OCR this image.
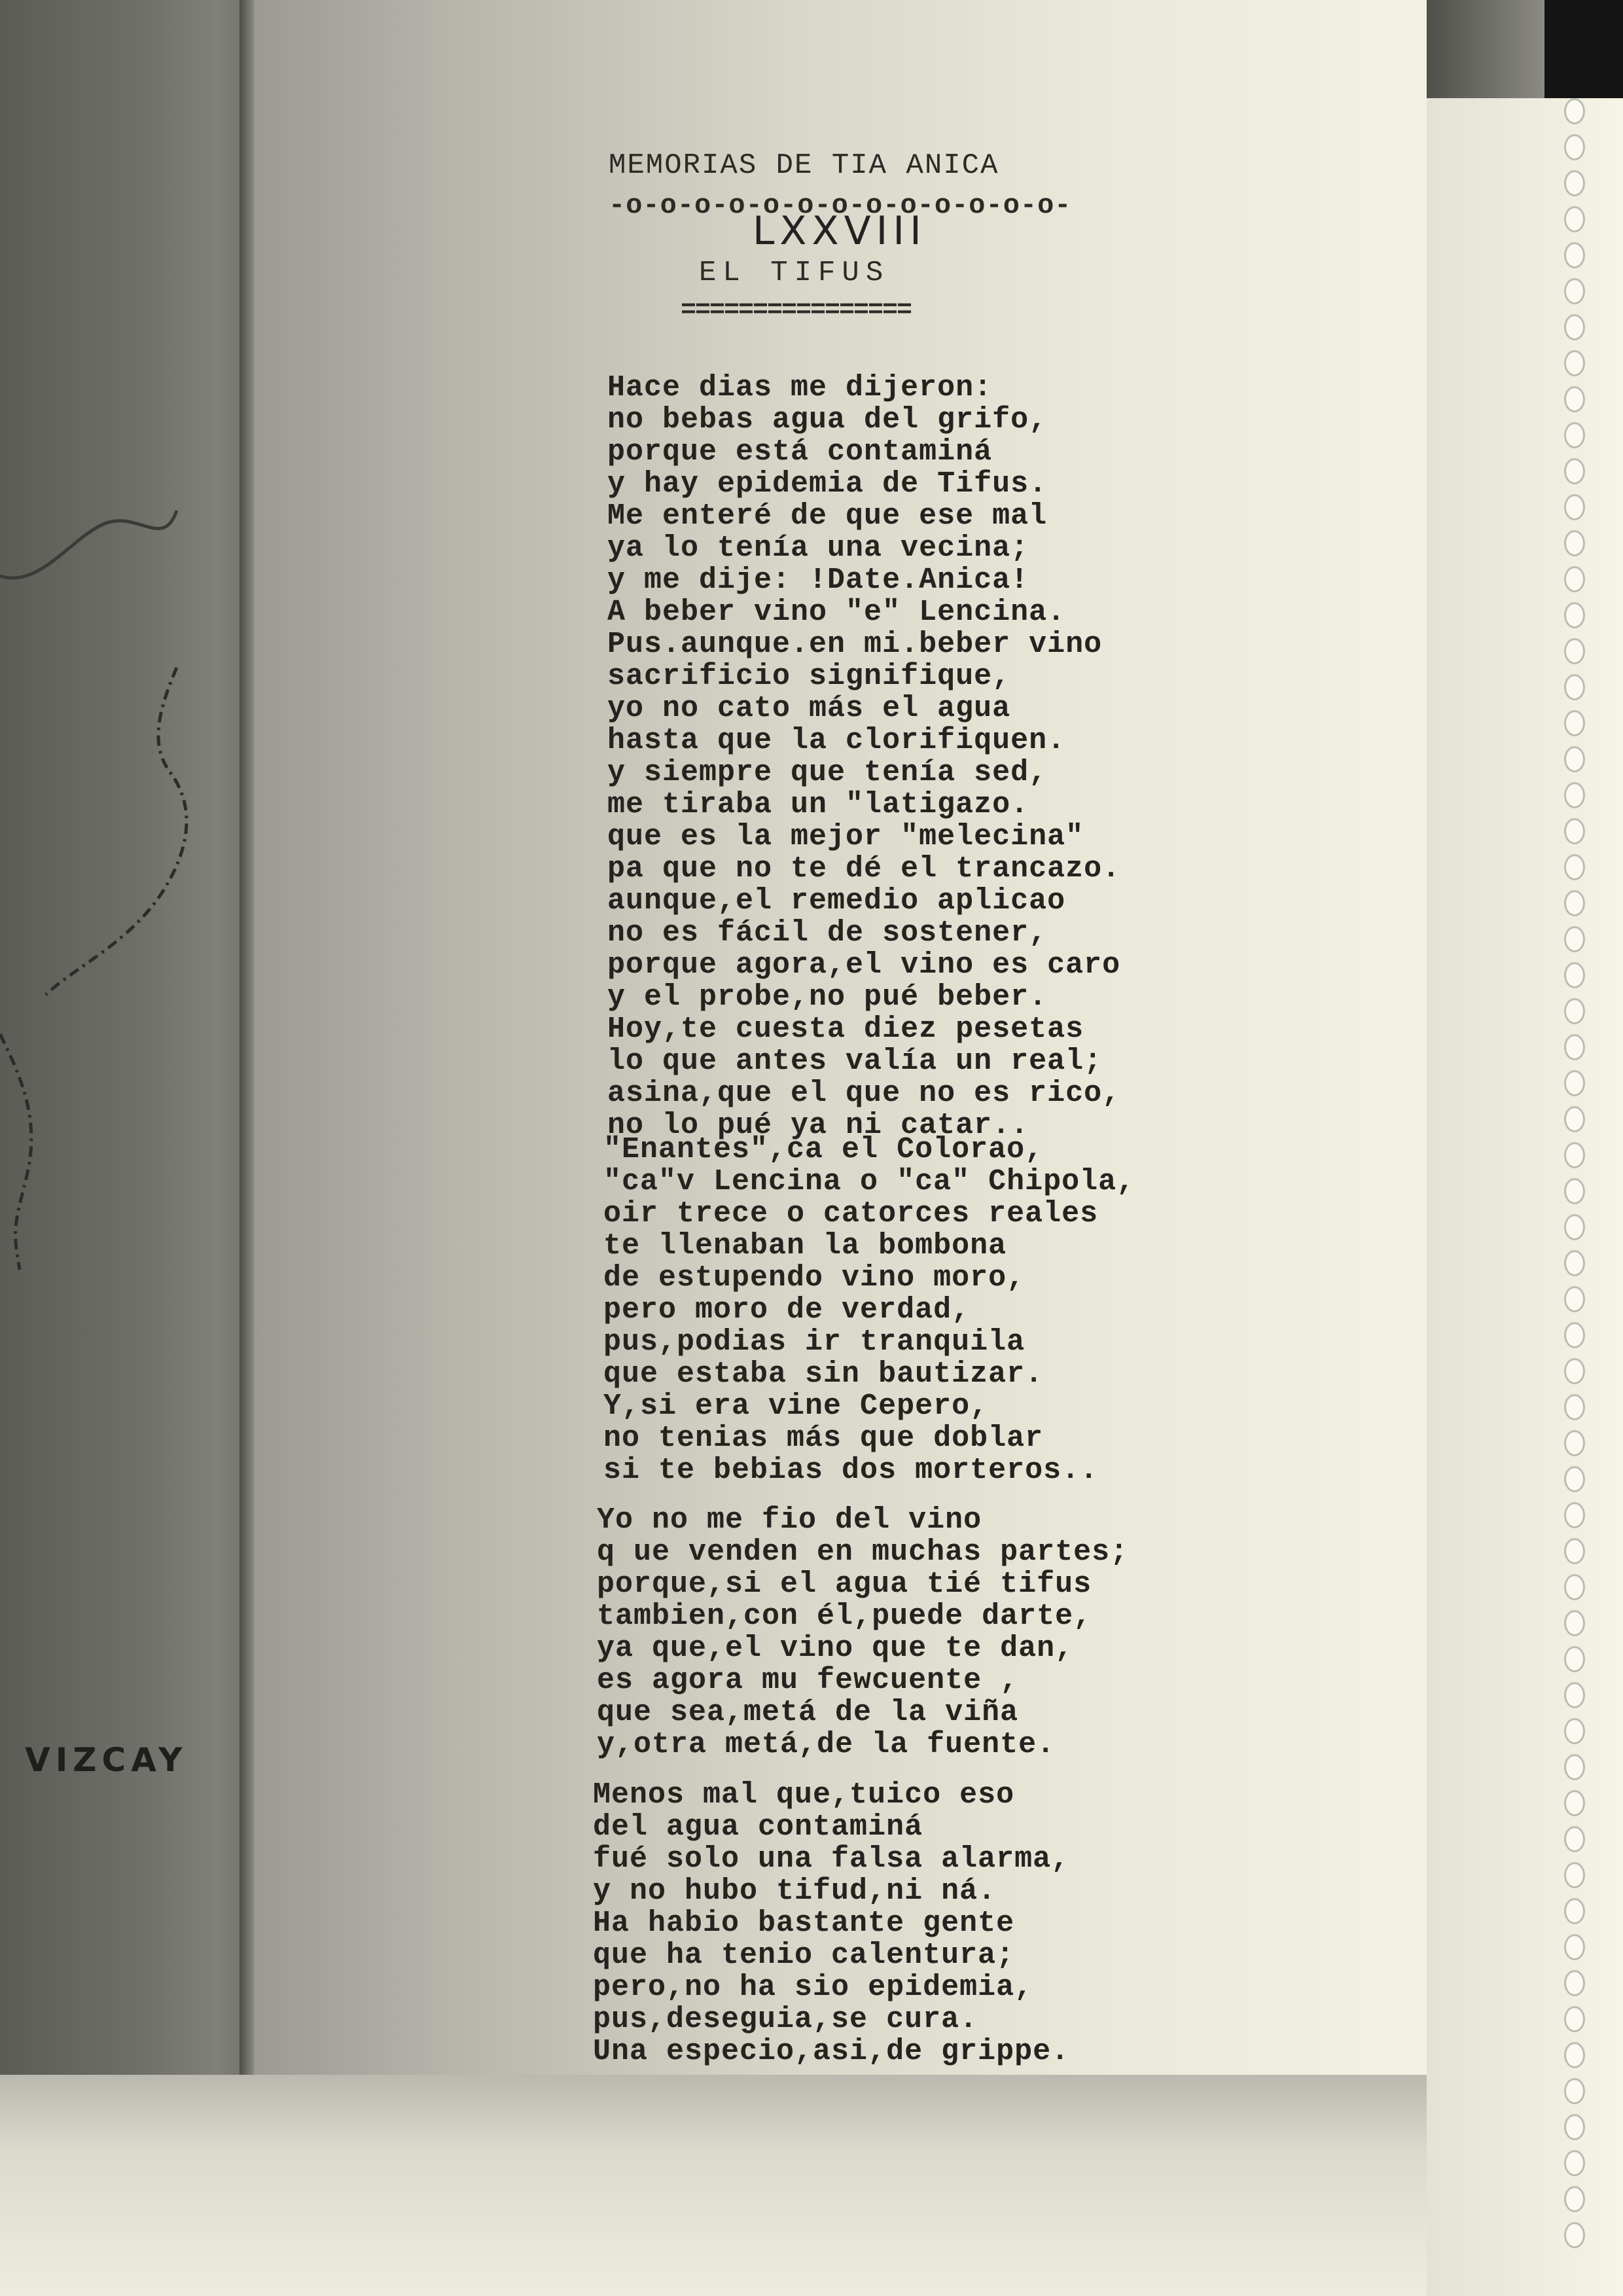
VIZCAY
MEMORIAS DE TIA ANICA
-o-o-o-o-o-o-o-o-o-o-o-o-o-
LXXVIII
EL TIFUS
================
Hace dias me dijeron:
no bebas agua del grifo,
porque está contaminá
y hay epidemia de Tifus.
Me enteré de que ese mal
ya lo tenía una vecina;
y me dije: !Date.Anica!
A beber vino "e" Lencina.
Pus.aunque.en mi.beber vino
sacrificio signifique,
yo no cato más el agua
hasta que la clorifiquen.
y siempre que tenía sed,
me tiraba un "latigazo.
que es la mejor "melecina"
pa que no te dé el trancazo.
aunque,el remedio aplicao
no es fácil de sostener,
porque agora,el vino es caro
y el probe,no pué beber.
Hoy,te cuesta diez pesetas
lo que antes valía un real;
asina,que el que no es rico,
no lo pué ya ni catar..
"Enantes",ca el Colorao,
"ca"v Lencina o "ca" Chipola,
oir trece o catorces reales
te llenaban la bombona
de estupendo vino moro,
pero moro de verdad,
pus,podias ir tranquila
que estaba sin bautizar.
Y,si era vine Cepero,
no tenias más que doblar
si te bebias dos morteros..
Yo no me fio del vino
q ue venden en muchas partes;
porque,si el agua tié tifus
tambien,con él,puede darte,
ya que,el vino que te dan,
es agora mu fewcuente ,
que sea,metá de la viña
y,otra metá,de la fuente.
Menos mal que,tuico eso
del agua contaminá
fué solo una falsa alarma,
y no hubo tifud,ni ná.
Ha habio bastante gente
que ha tenio calentura;
pero,no ha sio epidemia,
pus,deseguia,se cura.
Una especio,asi,de grippe.
